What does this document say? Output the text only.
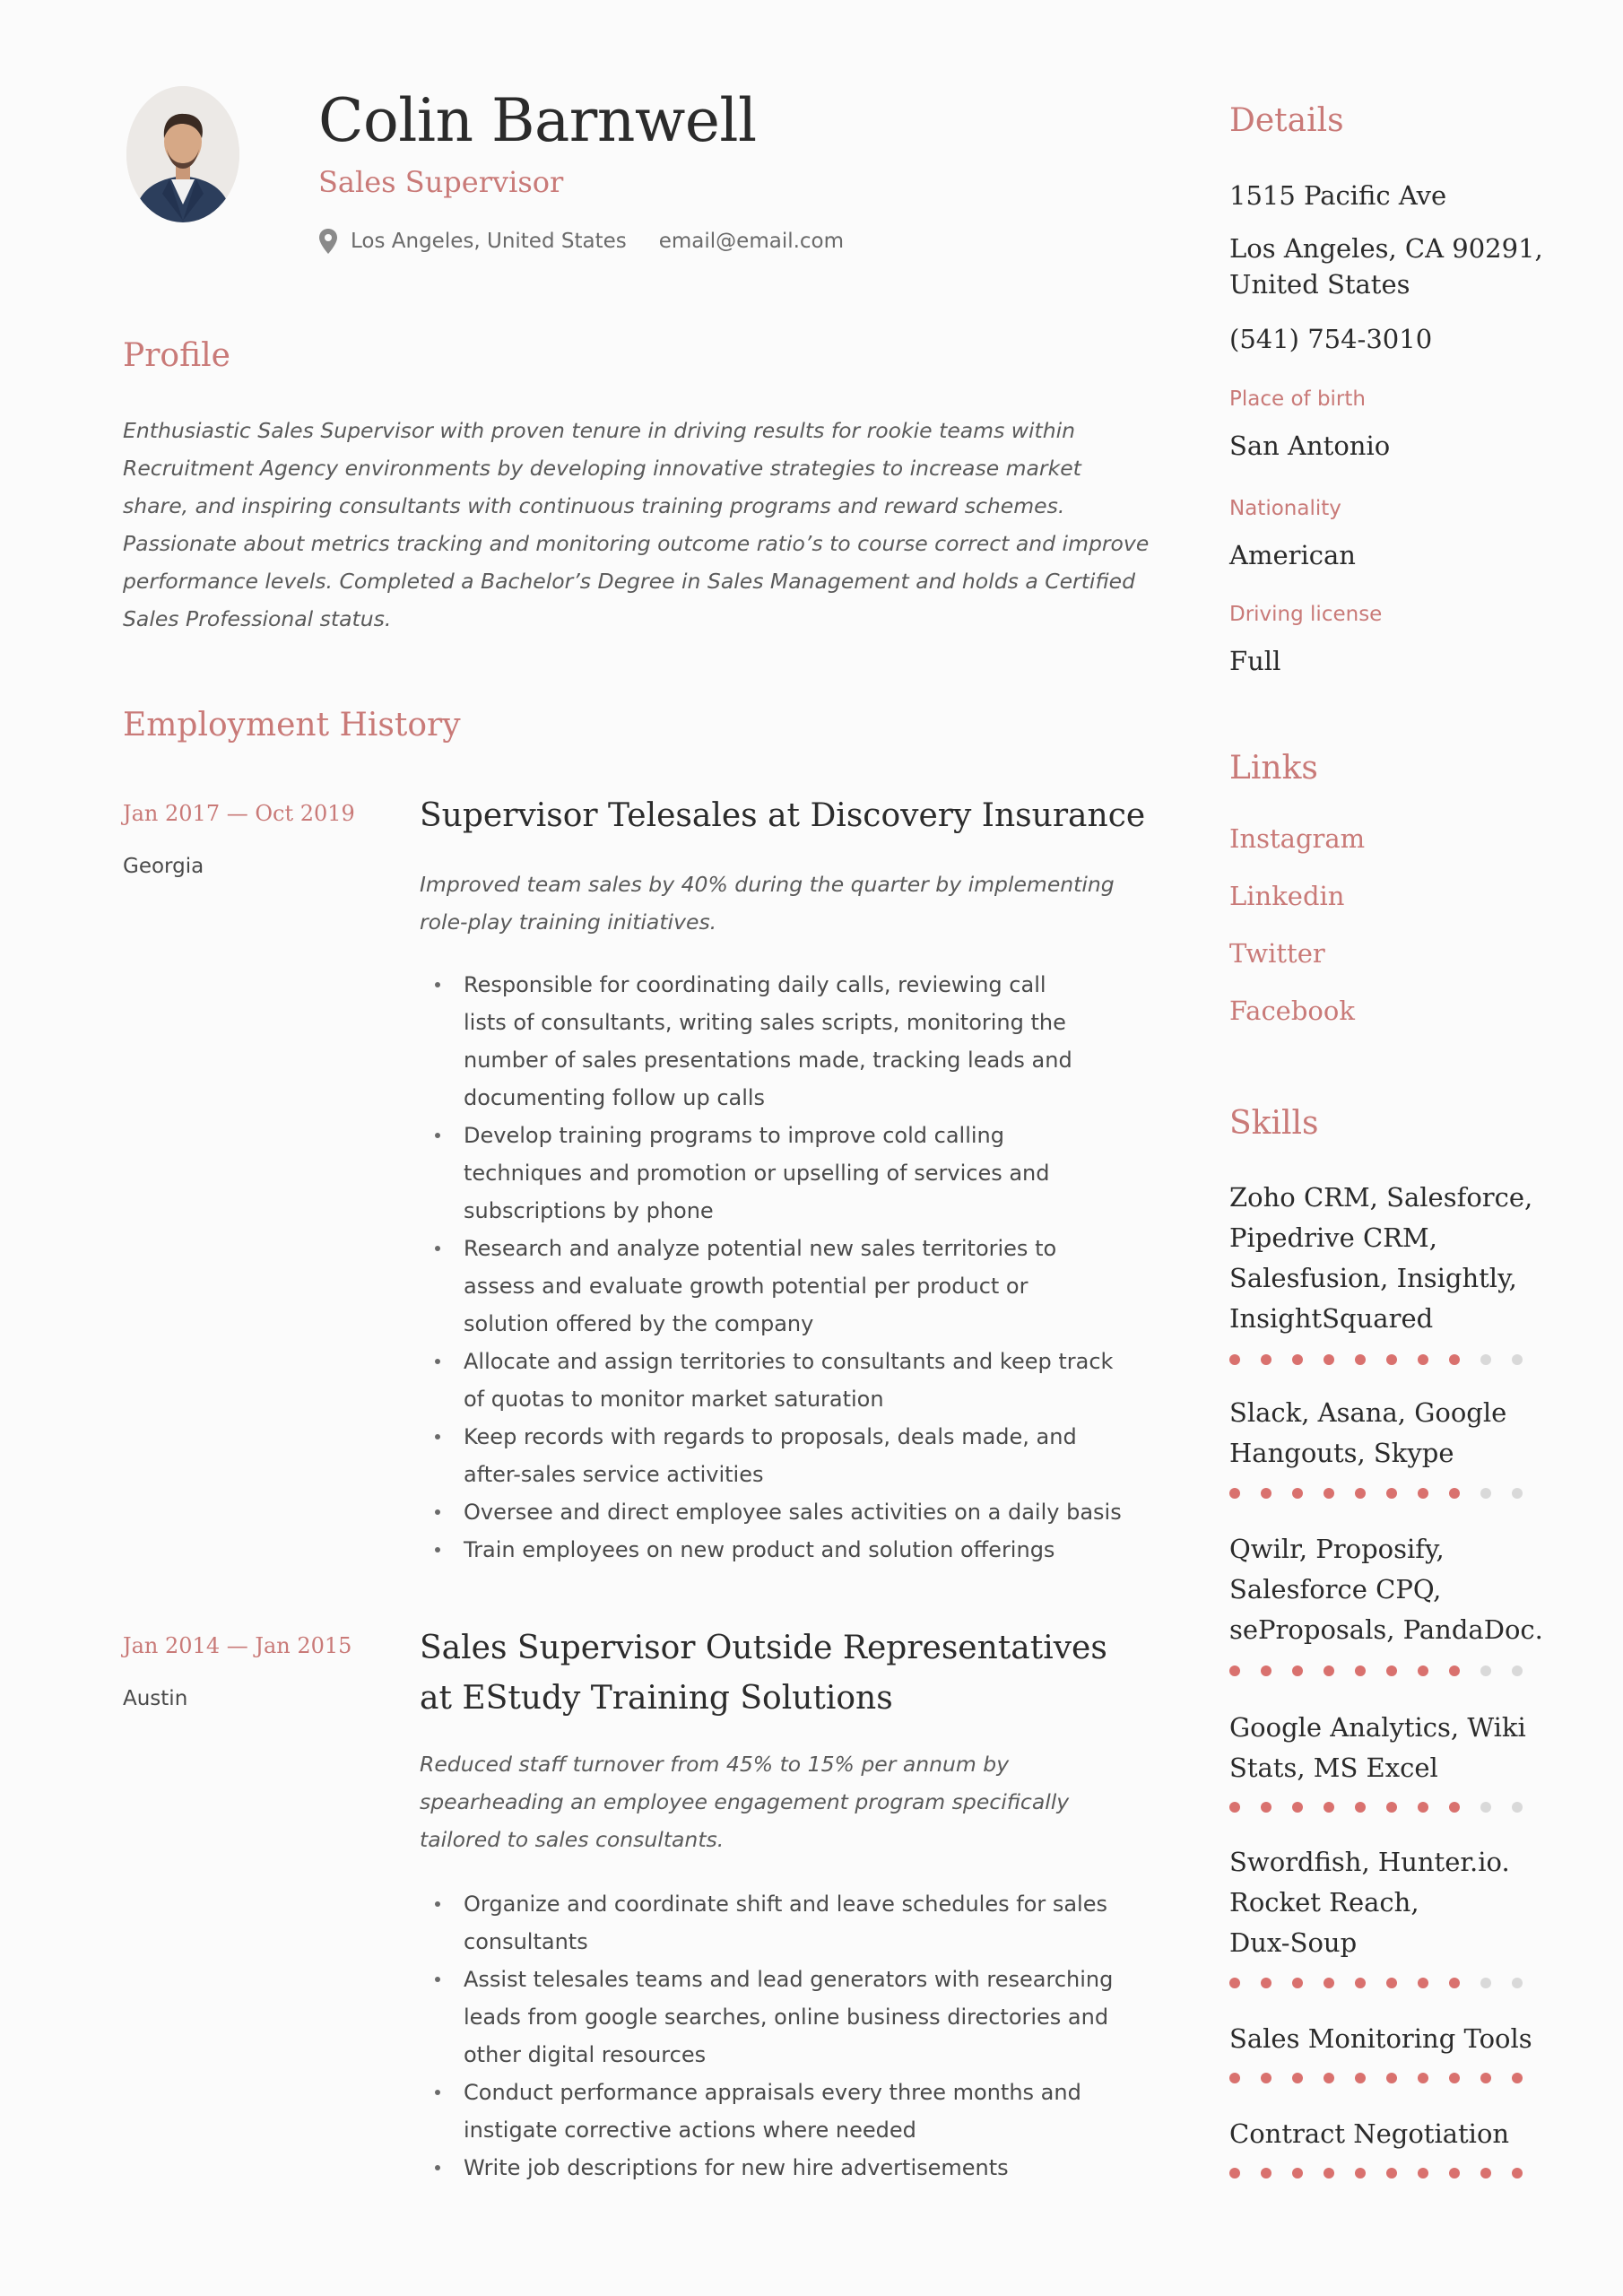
Colin Barnwell
Sales Supervisor
Los Angeles, United States email@email.com
Profile

Enthusiastic Sales Supervisor with proven tenure in driving results for rookie teams within

Recruitment Agency environments by developing innovative strategies to increase market

share, and inspiring consultants with continuous training programs and reward schemes.

Passionate about metrics tracking and monitoring outcome ratio’s to course correct and improve

performance levels. Completed a Bachelor’s Degree in Sales Management and holds a Certified

Sales Professional status.

Employment History
Jan 2017 — Oct 2019
Georgia
Supervisor Telesales at Discovery Insurance

Improved team sales by 40% during the quarter by implementing

role-play training initiatives.

Responsible for coordinating daily calls, reviewing call
lists of consultants, writing sales scripts, monitoring the
number of sales presentations made, tracking leads and
documenting follow up calls
Develop training programs to improve cold calling
techniques and promotion or upselling of services and
subscriptions by phone
Research and analyze potential new sales territories to
assess and evaluate growth potential per product or
solution offered by the company
Allocate and assign territories to consultants and keep track
of quotas to monitor market saturation
Keep records with regards to proposals, deals made, and
after-sales service activities
Oversee and direct employee sales activities on a daily basis
Train employees on new product and solution offerings
Jan 2014 — Jan 2015
Austin
Sales Supervisor Outside Representatives
at EStudy Training Solutions

Reduced staff turnover from 45% to 15% per annum by

spearheading an employee engagement program specifically

tailored to sales consultants.

Organize and coordinate shift and leave schedules for sales
consultants
Assist telesales teams and lead generators with researching
leads from google searches, online business directories and
other digital resources
Conduct performance appraisals every three months and
instigate corrective actions where needed
Write job descriptions for new hire advertisements
Details
1515 Pacific Ave
Los Angeles, CA 90291,
United States
(541) 754-3010
Place of birth
San Antonio
Nationality
American
Driving license
Full
Links
Instagram
Linkedin
Twitter
Facebook
Skills
Zoho CRM, Salesforce,
Pipedrive CRM,
Salesfusion, Insightly,
InsightSquared
Slack, Asana, Google
Hangouts, Skype
Qwilr, Proposify,
Salesforce CPQ,
seProposals, PandaDoc.
Google Analytics, Wiki
Stats, MS Excel
Swordfish, Hunter.io.
Rocket Reach,
Dux-Soup
Sales Monitoring Tools
Contract Negotiation
